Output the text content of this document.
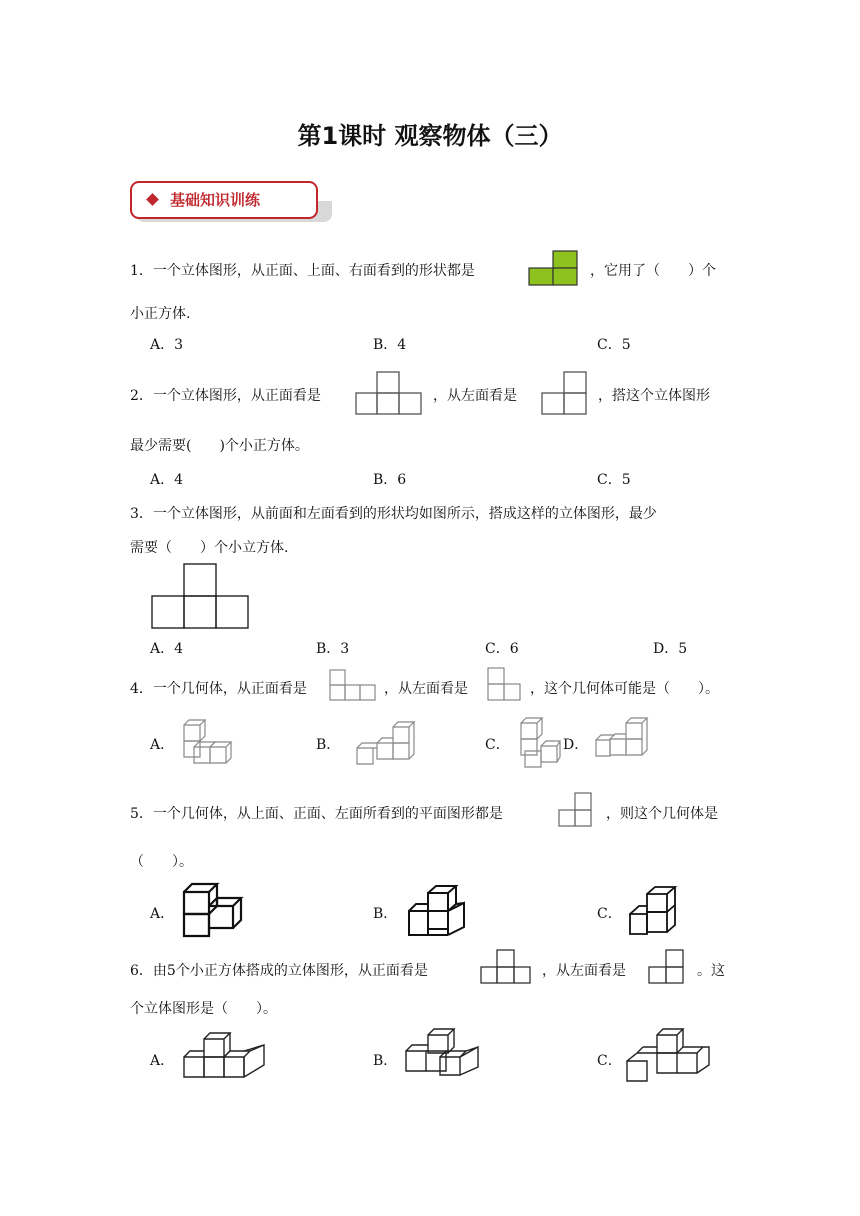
第1课时 观察物体（三）
基础知识训练
1．一个立体图形，从正面、上面、右面看到的形状都是	，它用了（　　）个
小正方体.
A．3	B．4	C．5
2．一个立体图形，从正面看是	，从左面看是	，搭这个立体图形
最少需要(　　)个小正方体。
A．4	B．6	C．5
3．一个立体图形，从前面和左面看到的形状均如图所示，搭成这样的立体图形，最少
需要（　　）个小立方体.
A．4	B．3	C．6	D．5
4．一个几何体，从正面看是	，从左面看是	，这个几何体可能是（　　）。
A．	B．	C．	D．
5．一个几何体，从上面、正面、左面所看到的平面图形都是	，则这个几何体是
（　　）。
A．	B．	C．
6．由5个小正方体搭成的立体图形，从正面看是	，从左面看是	。这
个立体图形是（　　）。
A．	B．	C．
